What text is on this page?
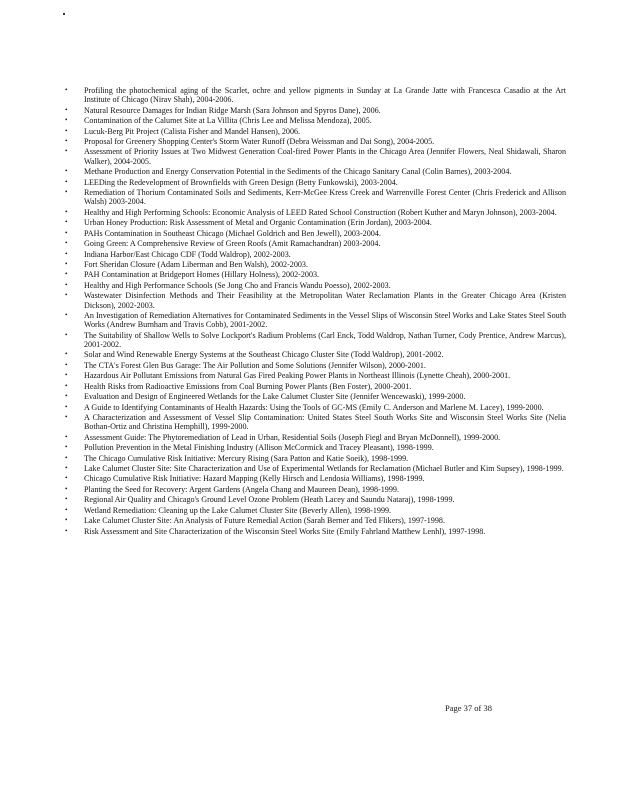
• Profiling the photochemical aging of the Scarlet, ochre and yellow pigments in Sunday at La Grande Jatte with Francesca Casadio at the Art Institute of Chicago (Nirav Shah), 2004-2006.
• Natural Resource Damages for Indian Ridge Marsh (Sara Johnson and Spyros Dane), 2006.
• Contamination of the Calumet Site at La Villita (Chris Lee and Melissa Mendoza), 2005.
• Lucuk-Berg Pit Project (Calista Fisher and Mandel Hansen), 2006.
• Proposal for Greenery Shopping Center's Storm Water Runoff (Debra Weissman and Dai Song), 2004-2005.
• Assessment of Priority Issues at Two Midwest Generation Coal-fired Power Plants in the Chicago Area (Jennifer Flowers, Neal Shidawali, Sharon Walker), 2004-2005.
• Methane Production and Energy Conservation Potential in the Sediments of the Chicago Sanitary Canal (Colin Barnes), 2003-2004.
• LEEDing the Redevelopment of Brownfields with Green Design (Betty Funkowski), 2003-2004.
• Remediation of Thorium Contaminated Soils and Sediments, Kerr-McGee Kress Creek and Warrenville Forest Center (Chris Frederick and Allison Walsh) 2003-2004.
• Healthy and High Performing Schools: Economic Analysis of LEED Rated School Construction (Robert Kuther and Maryn Johnson), 2003-2004.
• Urban Honey Production: Risk Assessment of Metal and Organic Contamination (Erin Jordan), 2003-2004.
• PAHs Contamination in Southeast Chicago (Michael Goldrich and Ben Jewell), 2003-2004.
• Going Green: A Comprehensive Review of Green Roofs (Amit Ramachandran) 2003-2004.
• Indiana Harbor/East Chicago CDF (Todd Waldrop), 2002-2003.
• Fort Sheridan Closure (Adam Liberman and Ben Walsh), 2002-2003.
• PAH Contamination at Bridgeport Homes (Hillary Holness), 2002-2003.
• Healthy and High Performance Schools (Se Jong Cho and Francis Wandu Poesso), 2002-2003.
• Wastewater Disinfection Methods and Their Feasibility at the Metropolitan Water Reclamation Plants in the Greater Chicago Area (Kristen Dickson), 2002-2003.
• An Investigation of Remediation Alternatives for Contaminated Sediments in the Vessel Slips of Wisconsin Steel Works and Lake States Steel South Works (Andrew Burnham and Travis Cobb), 2001-2002.
• The Suitability of Shallow Wells to Solve Lockport's Radium Problems (Carl Enck, Todd Waldrop, Nathan Turner, Cody Prentice, Andrew Marcus), 2001-2002.
• Solar and Wind Renewable Energy Systems at the Southeast Chicago Cluster Site (Todd Waldrop), 2001-2002.
• The CTA's Forest Glen Bus Garage: The Air Pollution and Some Solutions (Jennifer Wilson), 2000-2001.
• Hazardous Air Pollutant Emissions from Natural Gas Fired Peaking Power Plants in Northeast Illinois (Lynette Cheah), 2000-2001.
• Health Risks from Radioactive Emissions from Coal Burning Power Plants (Ben Foster), 2000-2001.
• Evaluation and Design of Engineered Wetlands for the Lake Calumet Cluster Site (Jennifer Wencewaski), 1999-2000.
• A Guide to Identifying Contaminants of Health Hazards: Using the Tools of GC-MS (Emily C. Anderson and Marlene M. Lacey), 1999-2000.
• A Characterization and Assessment of Vessel Slip Contamination: United States Steel South Works Site and Wisconsin Steel Works Site (Nelia Bothan-Ortiz and Christina Hemphill), 1999-2000.
• Assessment Guide: The Phytoremediation of Lead in Urban, Residential Soils (Joseph Fiegl and Bryan McDonnell), 1999-2000.
• Pollution Prevention in the Metal Finishing Industry (Allison McCormick and Tracey Pleasant), 1998-1999.
• The Chicago Cumulative Risk Initiative: Mercury Rising (Sara Patton and Katie Soeik), 1998-1999.
• Lake Calumet Cluster Site: Site Characterization and Use of Experimental Wetlands for Reclamation (Michael Butler and Kim Supsey), 1998-1999.
• Chicago Cumulative Risk Initiative: Hazard Mapping (Kelly Hirsch and Lendosia Williams), 1998-1999.
• Planting the Seed for Recovery: Argent Gardens (Angela Chang and Maureen Dean), 1998-1999.
• Regional Air Quality and Chicago's Ground Level Ozone Problem (Heath Lacey and Saundu Nataraj), 1998-1999.
• Wetland Remediation: Cleaning up the Lake Calumet Cluster Site (Beverly Allen), 1998-1999.
• Lake Calumet Cluster Site: An Analysis of Future Remedial Action (Sarah Berner and Ted Flikers), 1997-1998.
• Risk Assessment and Site Characterization of the Wisconsin Steel Works Site (Emily Fahrland Matthew Lenhl), 1997-1998.
Page 37 of 38
